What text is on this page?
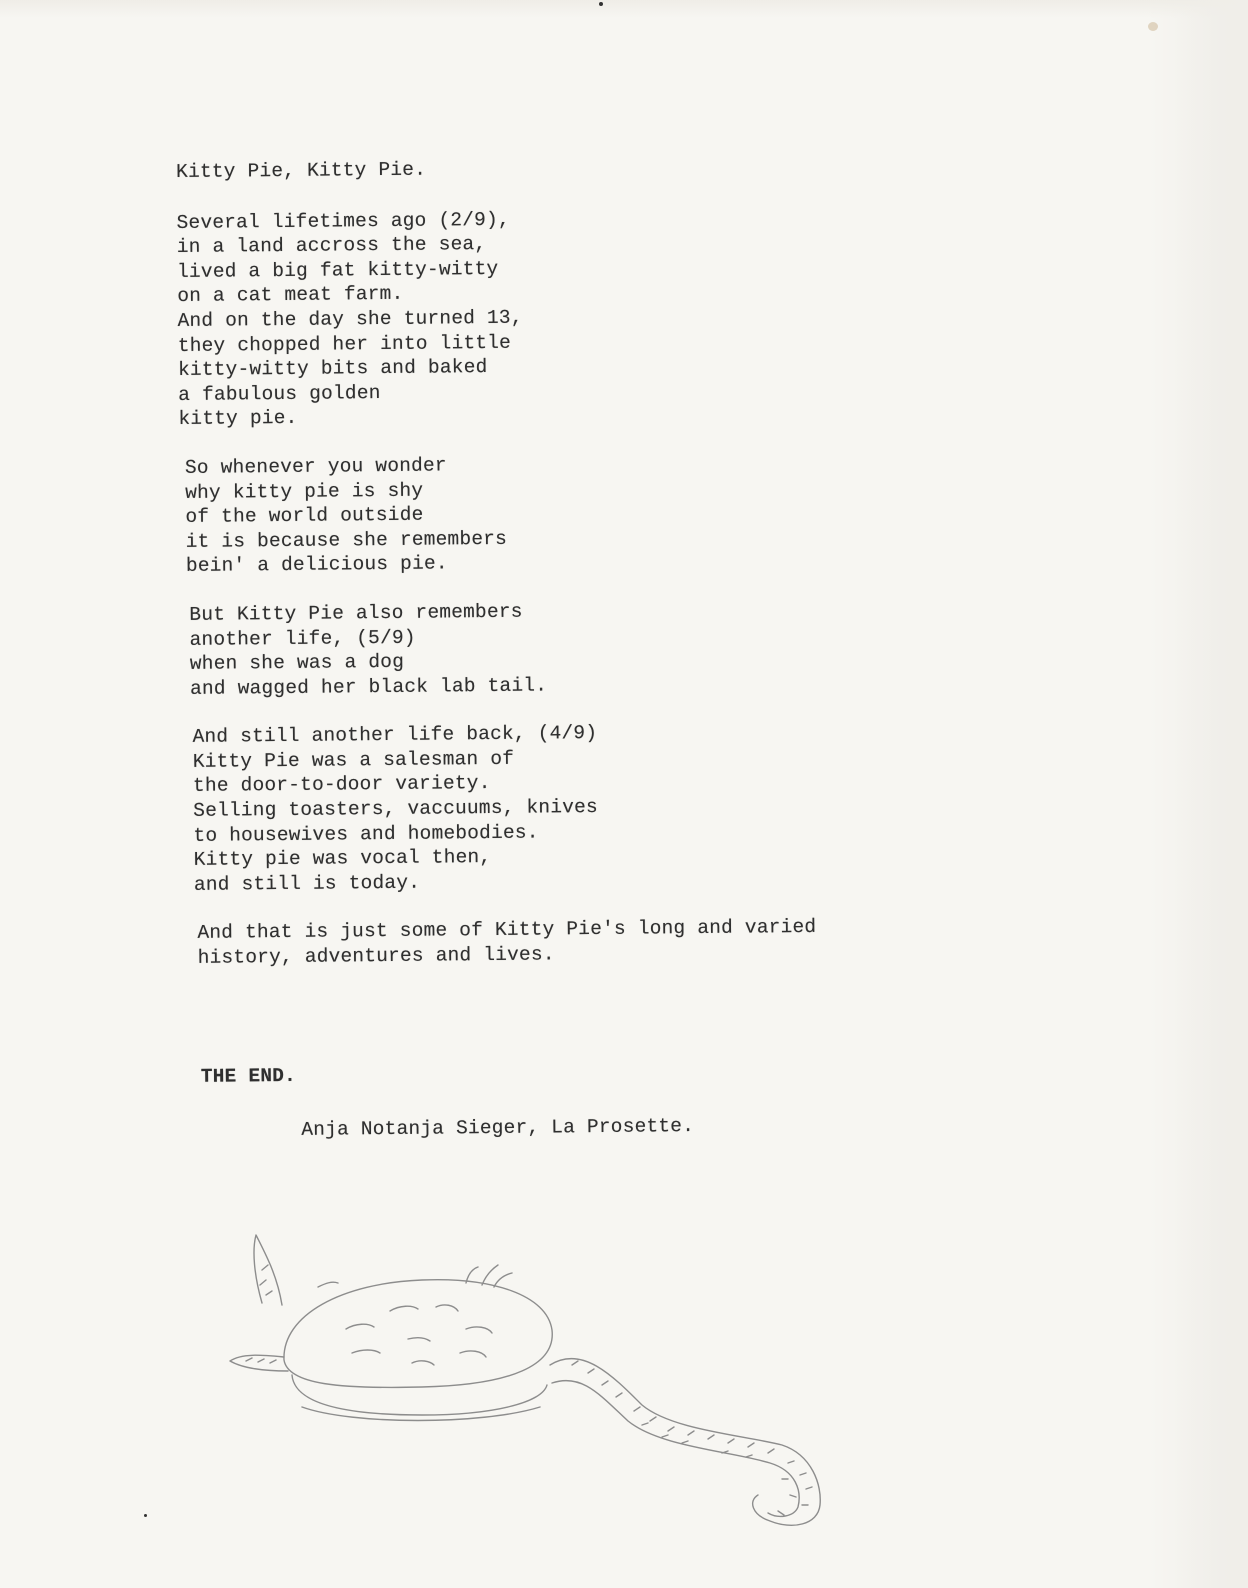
Kitty Pie, Kitty Pie.
Several lifetimes ago (2/9),
in a land accross the sea,
lived a big fat kitty-witty
on a cat meat farm.
And on the day she turned 13,
they chopped her into little
kitty-witty bits and baked
a fabulous golden
kitty pie.
So whenever you wonder
why kitty pie is shy
of the world outside
it is because she remembers
bein' a delicious pie.
But Kitty Pie also remembers
another life, (5/9)
when she was a dog
and wagged her black lab tail.
And still another life back, (4/9)
Kitty Pie was a salesman of
the door-to-door variety.
Selling toasters, vaccuums, knives
to housewives and homebodies.
Kitty pie was vocal then,
and still is today.
And that is just some of Kitty Pie's long and varied
history, adventures and lives.
THE END.
Anja Notanja Sieger, La Prosette.
